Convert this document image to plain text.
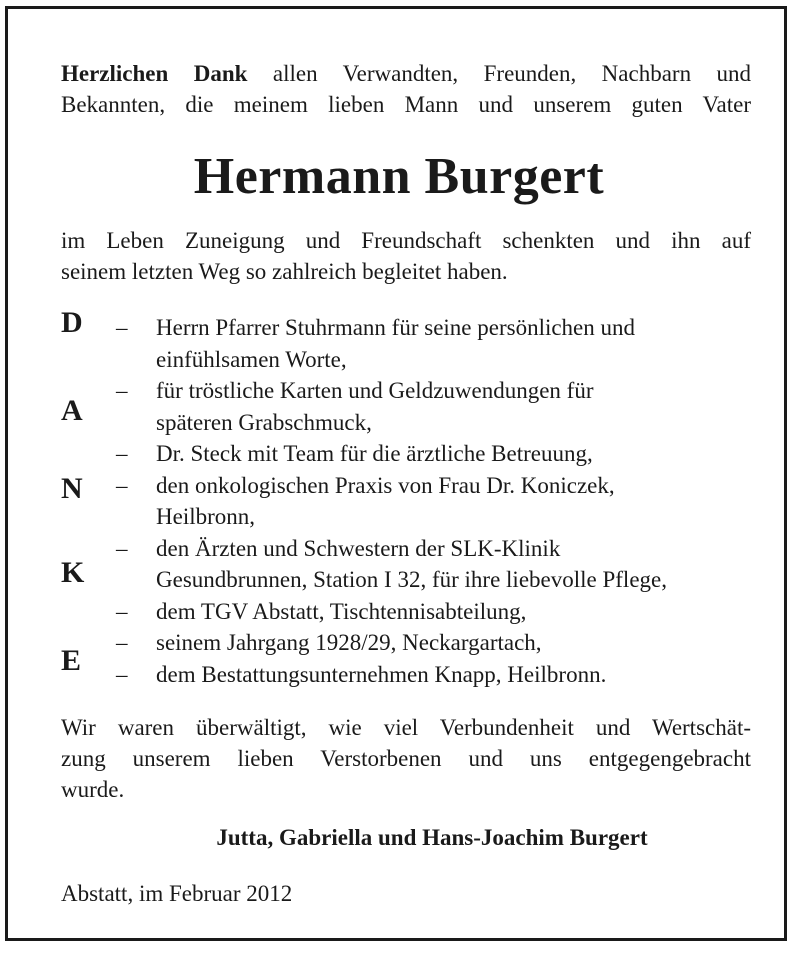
Herzlichen Dank allen Verwandten, Freunden, Nachbarn und
Bekannten, die meinem lieben Mann und unserem guten Vater
Hermann Burgert
im Leben Zuneigung und Freundschaft schenkten und ihn auf
seinem letzten Weg so zahlreich begleitet haben.
D
A
N
K
E
– Herrn Pfarrer Stuhrmann für seine persönlichen und
einfühlsamen Worte,
– für tröstliche Karten und Geldzuwendungen für
späteren Grabschmuck,
– Dr. Steck mit Team für die ärztliche Betreuung,
– den onkologischen Praxis von Frau Dr. Koniczek,
Heilbronn,
– den Ärzten und Schwestern der SLK-Klinik
Gesundbrunnen, Station I 32, für ihre liebevolle Pflege,
– dem TGV Abstatt, Tischtennisabteilung,
– seinem Jahrgang 1928/29, Neckargartach,
– dem Bestattungsunternehmen Knapp, Heilbronn.
Wir waren überwältigt, wie viel Verbundenheit und Wertschät-
zung unserem lieben Verstorbenen und uns entgegengebracht
wurde.
Jutta, Gabriella und Hans-Joachim Burgert
Abstatt, im Februar 2012
